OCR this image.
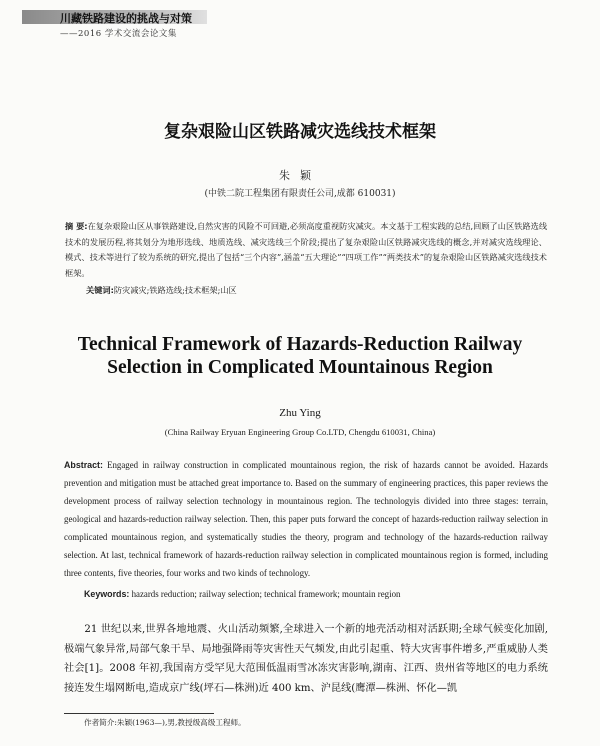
川藏铁路建设的挑战与对策
——2016 学术交流会论文集
复杂艰险山区铁路减灾选线技术框架
朱颖
(中铁二院工程集团有限责任公司,成都 610031)
摘 要:在复杂艰险山区从事铁路建设,自然灾害的风险不可回避,必须高度重视防灾减灾。本文基于工程实践的总结,回顾了山区铁路选线技术的发展历程,将其划分为地形选线、地质选线、减灾选线三个阶段;提出了复杂艰险山区铁路减灾选线的概念,并对减灾选线理论、模式、技术等进行了较为系统的研究,提出了包括“三个内容”,涵盖“五大理论”“四项工作”“两类技术”的复杂艰险山区铁路减灾选线技术框架。
关键词:防灾减灾;铁路选线;技术框架;山区
Technical Framework of Hazards-Reduction Railway
Selection in Complicated Mountainous Region
Zhu Ying
(China Railway Eryuan Engineering Group Co.LTD, Chengdu 610031, China)
Abstract: Engaged in railway construction in complicated mountainous region, the risk of hazards cannot be avoided. Hazards prevention and mitigation must be attached great importance to. Based on the summary of engineering practices, this paper reviews the development process of railway selection technology in mountainous region. The technologyis divided into three stages: terrain, geological and hazards-reduction railway selection. Then, this paper puts forward the concept of hazards-reduction railway selection in complicated mountainous region, and systematically studies the theory, program and technology of the hazards-reduction railway selection. At last, technical framework of hazards-reduction railway selection in complicated mountainous region is formed, including three contents, five theories, four works and two kinds of technology.
Keywords: hazards reduction; railway selection; technical framework; mountain region
21 世纪以来,世界各地地震、火山活动频繁,全球进入一个新的地壳活动相对活跃期;全球气候变化加剧,极端气象异常,局部气象干旱、局地强降雨等灾害性天气频发,由此引起重、特大灾害事件增多,严重威胁人类社会[1]。2008 年初,我国南方受罕见大范围低温雨雪冰冻灾害影响,湖南、江西、贵州省等地区的电力系统接连发生塌网断电,造成京广线(坪石—株洲)近 400 km、沪昆线(鹰潭—株洲、怀化—凯
作者简介:朱颖(1963—),男,教授级高级工程师。
